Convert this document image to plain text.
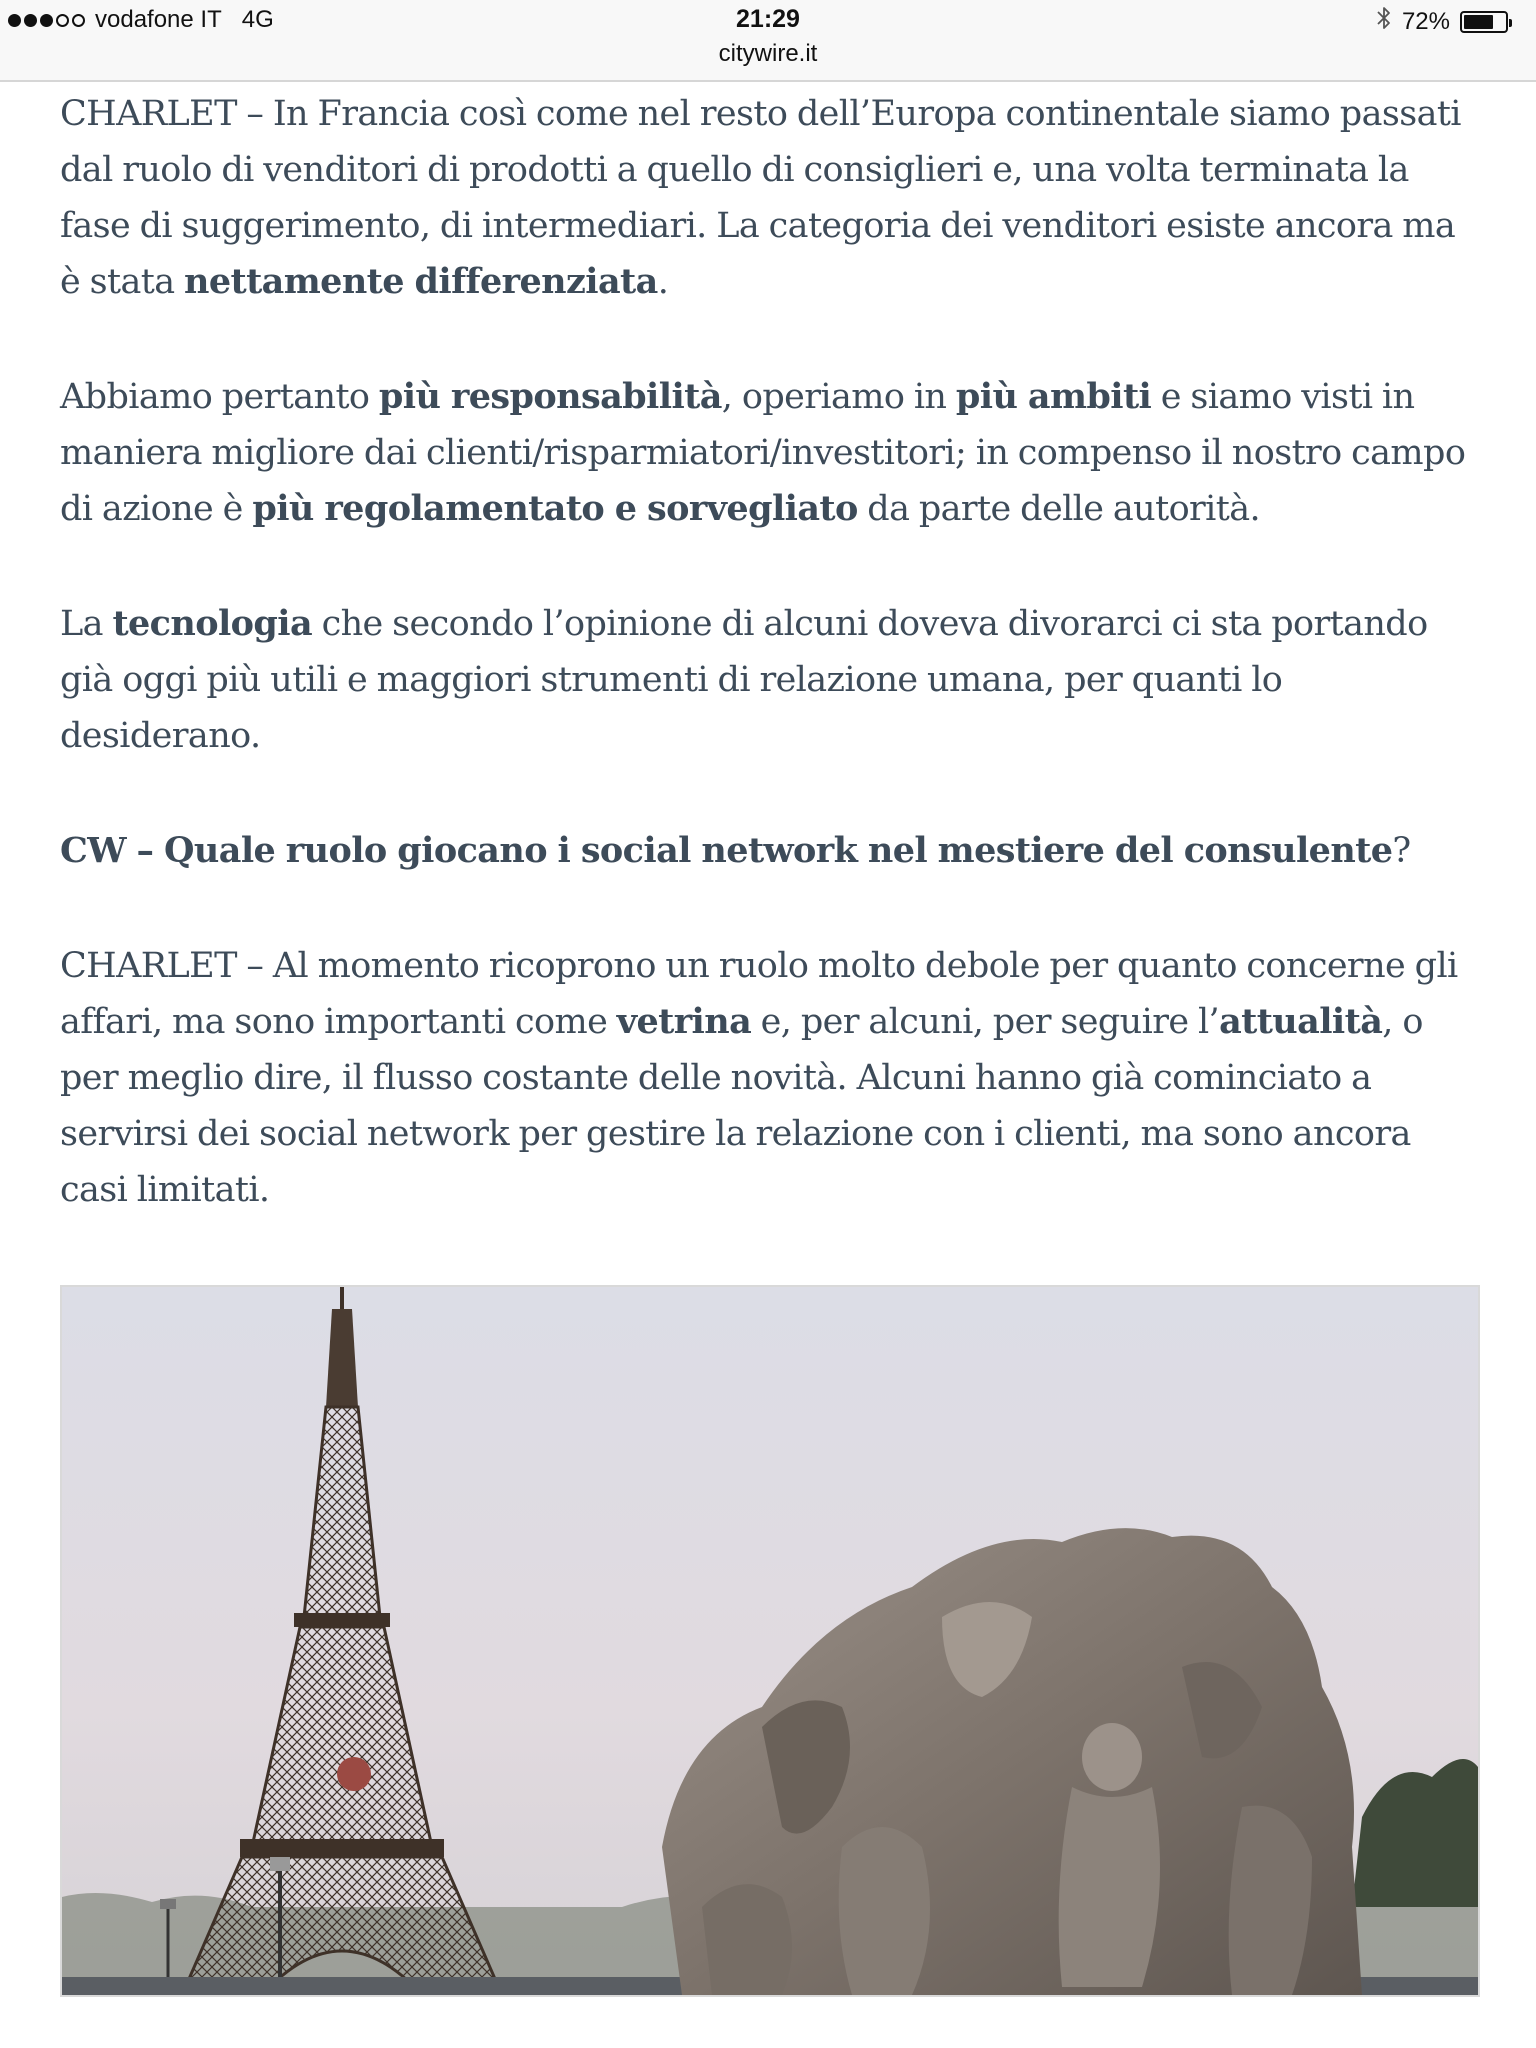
vodafone IT 4G	21:29
citywire.it
72%

CHARLET – In Francia così come nel resto dell’Europa continentale siamo passati dal ruolo di venditori di prodotti a quello di consiglieri e, una volta terminata la fase di suggerimento, di intermediari. La categoria dei venditori esiste ancora ma è stata nettamente differenziata.

Abbiamo pertanto più responsabilità, operiamo in più ambiti e siamo visti in maniera migliore dai clienti/risparmiatori/investitori; in compenso il nostro campo di azione è più regolamentato e sorvegliato da parte delle autorità.

La tecnologia che secondo l’opinione di alcuni doveva divorarci ci sta portando già oggi più utili e maggiori strumenti di relazione umana, per quanti lo desiderano.

CW – Quale ruolo giocano i social network nel mestiere del consulente?

CHARLET – Al momento ricoprono un ruolo molto debole per quanto concerne gli affari, ma sono importanti come vetrina e, per alcuni, per seguire l’attualità, o per meglio dire, il flusso costante delle novità. Alcuni hanno già cominciato a servirsi dei social network per gestire la relazione con i clienti, ma sono ancora casi limitati.
